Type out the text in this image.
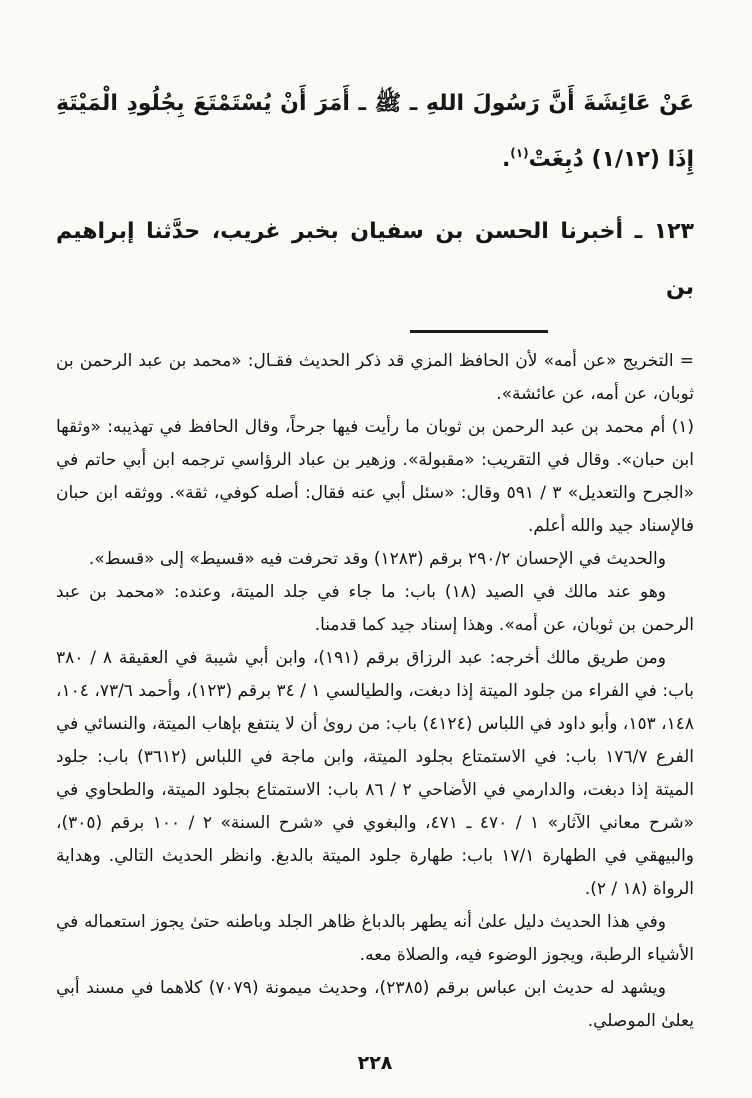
عَنْ عَائِشَةَ أَنَّ رَسُولَ اللهِ ـ ﷺ ـ أَمَرَ أَنْ يُسْتَمْتَعَ بِجُلُودِ الْمَيْتَةِ إِذَا (١/١٢) دُبِغَتْ$^{(١)}$.

١٢٣ ـ أخبرنا الحسن بن سفيان بخبر غريب، حدَّثنا إبراهيم بن

= التخريج «عن أمه» لأن الحافظ المزي قد ذكر الحديث فقـال: «محمد بن عبد الرحمن بن ثوبان، عن أمه، عن عائشة».

(١) أم محمد بن عبد الرحمن بن ثوبان ما رأيت فيها جرحاً، وقال الحافظ في تهذيبه: «وثقها ابن حبان». وقال في التقريب: «مقبولة». وزهير بن عباد الرؤاسي ترجمه ابن أبي حاتم في «الجرح والتعديل» ٣ / ٥٩١ وقال: «سئل أبي عنه فقال: أصله كوفي، ثقة». ووثقه ابن حبان فالإسناد جيد والله أعلم.

والحديث في الإحسان ٢٩٠/٢ برقم (١٢٨٣) وقد تحرفت فيه «قسيط» إلى «قسط».

وهو عند مالك في الصيد (١٨) باب: ما جاء في جلد الميتة، وعنده: «محمد بن عبد الرحمن بن ثوبان، عن أمه». وهذا إسناد جيد كما قدمنا.

ومن طريق مالك أخرجه: عبد الرزاق برقم (١٩١)، وابن أبي شيبة في العقيقة ٨ / ٣٨٠ باب: في الفراء من جلود الميتة إذا دبغت، والطيالسي ١ / ٣٤ برقم (١٢٣)، وأحمد ٧٣/٦، ١٠٤، ١٤٨، ١٥٣، وأبو داود في اللباس (٤١٢٤) باب: من روىٰ أن لا ينتفع بإهاب الميتة، والنسائي في الفرع ١٧٦/٧ باب: في الاستمتاع بجلود الميتة، وابن ماجة في اللباس (٣٦١٢) باب: جلود الميتة إذا دبغت، والدارمي في الأضاحي ٢ / ٨٦ باب: الاستمتاع بجلود الميتة، والطحاوي في «شرح معاني الآثار» ١ / ٤٧٠ ـ ٤٧١، والبغوي في «شرح السنة» ٢ / ١٠٠ برقم (٣٠٥)، والبيهقي في الطهارة ١٧/١ باب: طهارة جلود الميتة بالدبغ. وانظر الحديث التالي. وهداية الرواة (١٨ / ٢).

وفي هذا الحديث دليل علىٰ أنه يطهر بالدباغ ظاهر الجلد وباطنه حتىٰ يجوز استعماله في الأشياء الرطبة، ويجوز الوضوء فيه، والصلاة معه.

ويشهد له حديث ابن عباس برقم (٢٣٨٥)، وحديث ميمونة (٧٠٧٩) كلاهما في مسند أبي يعلىٰ الموصلي.

٢٢٨
